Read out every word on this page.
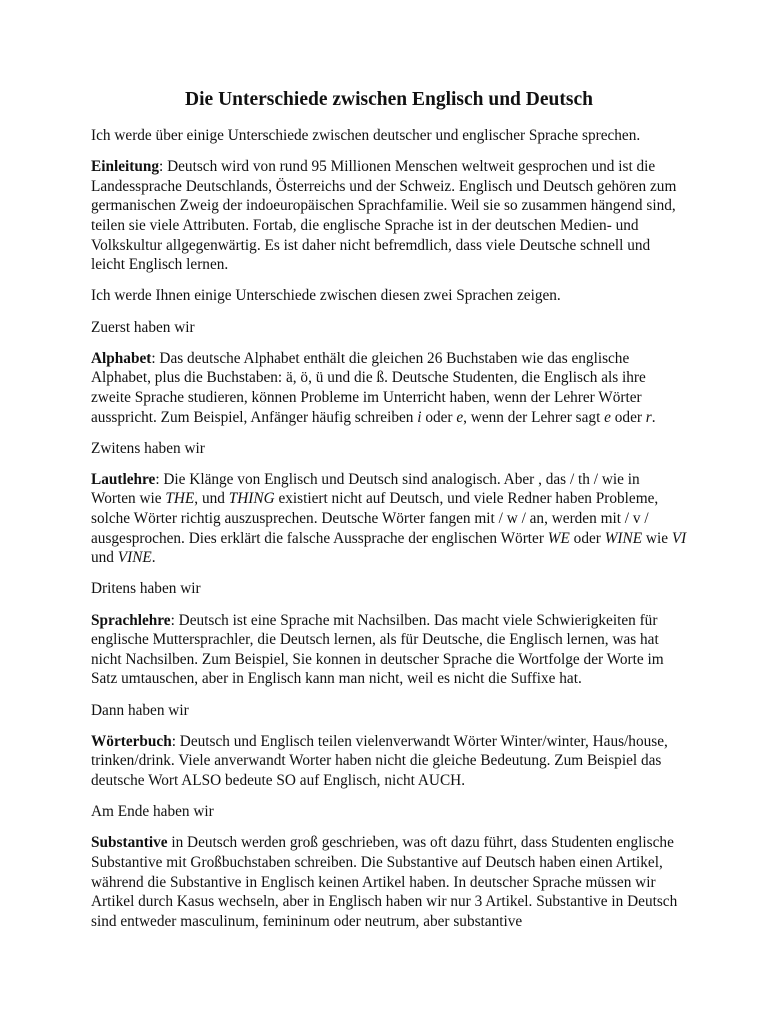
Die Unterschiede zwischen Englisch und Deutsch

Ich werde über einige Unterschiede zwischen deutscher und englischer Sprache sprechen.

Einleitung: Deutsch wird von rund 95 Millionen Menschen weltweit gesprochen und ist die Landessprache Deutschlands, Österreichs und der Schweiz. Englisch und Deutsch gehören zum germanischen Zweig der indoeuropäischen Sprachfamilie. Weil sie so zusammen hängend sind, teilen sie viele Attributen. Fortab, die englische Sprache ist in der deutschen Medien- und Volkskultur allgegenwärtig. Es ist daher nicht befremdlich, dass viele Deutsche schnell und leicht Englisch lernen.

Ich werde Ihnen einige Unterschiede zwischen diesen zwei Sprachen zeigen.

Zuerst haben wir

Alphabet: Das deutsche Alphabet enthält die gleichen 26 Buchstaben wie das englische Alphabet, plus die Buchstaben: ä, ö, ü und die ß. Deutsche Studenten, die Englisch als ihre zweite Sprache studieren, können Probleme im Unterricht haben, wenn der Lehrer Wörter ausspricht. Zum Beispiel, Anfänger häufig schreiben i oder e, wenn der Lehrer sagt e oder r.

Zwitens haben wir

Lautlehre: Die Klänge von Englisch und Deutsch sind analogisch. Aber , das / th / wie in Worten wie THE, und THING existiert nicht auf Deutsch, und viele Redner haben Probleme, solche Wörter richtig auszusprechen. Deutsche Wörter fangen mit / w / an, werden mit / v / ausgesprochen. Dies erklärt die falsche Aussprache der englischen Wörter WE oder WINE wie VI und VINE.

Dritens haben wir

Sprachlehre: Deutsch ist eine Sprache mit Nachsilben. Das macht viele Schwierigkeiten für englische Muttersprachler, die Deutsch lernen, als für Deutsche, die Englisch lernen, was hat nicht Nachsilben. Zum Beispiel, Sie konnen in deutscher Sprache die Wortfolge der Worte im Satz umtauschen, aber in Englisch kann man nicht, weil es nicht die Suffixe hat.

Dann haben wir

Wörterbuch: Deutsch und Englisch teilen vielenverwandt Wörter Winter/winter, Haus/house, trinken/drink. Viele anverwandt Worter haben nicht die gleiche Bedeutung. Zum Beispiel das deutsche Wort ALSO bedeute SO auf Englisch, nicht AUCH.

Am Ende haben wir

Substantive in Deutsch werden groß geschrieben, was oft dazu führt, dass Studenten englische Substantive mit Großbuchstaben schreiben. Die Substantive auf Deutsch haben einen Artikel, während die Substantive in Englisch keinen Artikel haben. In deutscher Sprache müssen wir Artikel durch Kasus wechseln, aber in Englisch haben wir nur 3 Artikel. Substantive in Deutsch sind entweder masculinum, femininum oder neutrum, aber substantive
